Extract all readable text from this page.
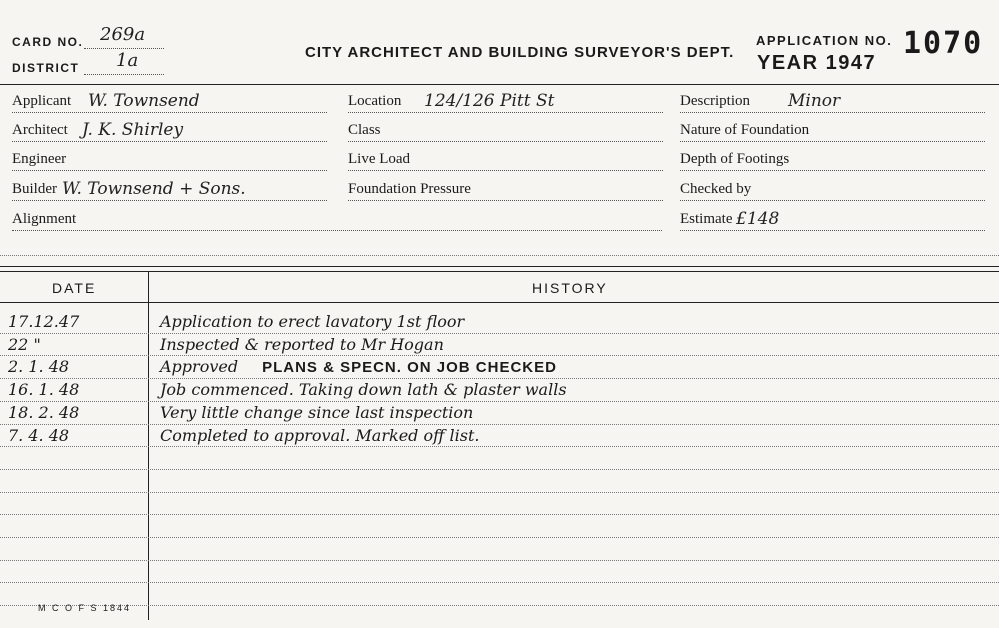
CARD NO. 269a
DISTRICT 1a	CITY ARCHITECT AND BUILDING SURVEYOR'S DEPT.
APPLICATION NO.
YEAR 1947
1070
Applicant W. Townsend
Architect J. K. Shirley
Engineer
Builder W. Townsend + Sons.
Alignment
Location 124/126 Pitt St
Class
Live Load
Foundation Pressure
Description Minor
Nature of Foundation
Depth of Footings
Checked by
Estimate £148
DATE	HISTORY
17.12.47	Application to erect lavatory 1st floor
22 "	Inspected & reported to Mr Hogan
2. 1. 48	Approved PLANS & SPECN. ON JOB CHECKED
16. 1. 48	Job commenced. Taking down lath & plaster walls
18. 2. 48	Very little change since last inspection
7. 4. 48	Completed to approval. Marked off list.
M C O F S 1844
